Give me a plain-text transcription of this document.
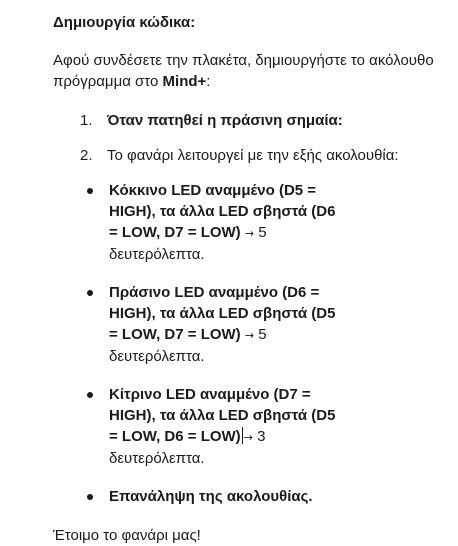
Δημιουργία κώδικα:

Αφού συνδέσετε την πλακέτα, δημιουργήστε το ακόλουθο πρόγραμμα στο Mind+:
1. Όταν πατηθεί η πράσινη σημαία:
2. Το φανάρι λειτουργεί με την εξής ακολουθία:
Κόκκινο LED αναμμένο (D5 = HIGH), τα άλλα LED σβηστά (D6 = LOW, D7 = LOW) → 5 δευτερόλεπτα.
Πράσινο LED αναμμένο (D6 = HIGH), τα άλλα LED σβηστά (D5 = LOW, D7 = LOW) → 5 δευτερόλεπτα.
Κίτρινο LED αναμμένο (D7 = HIGH), τα άλλα LED σβηστά (D5 = LOW, D6 = LOW) → 3 δευτερόλεπτα.
Επανάληψη της ακολουθίας.
Έτοιμο το φανάρι μας!
